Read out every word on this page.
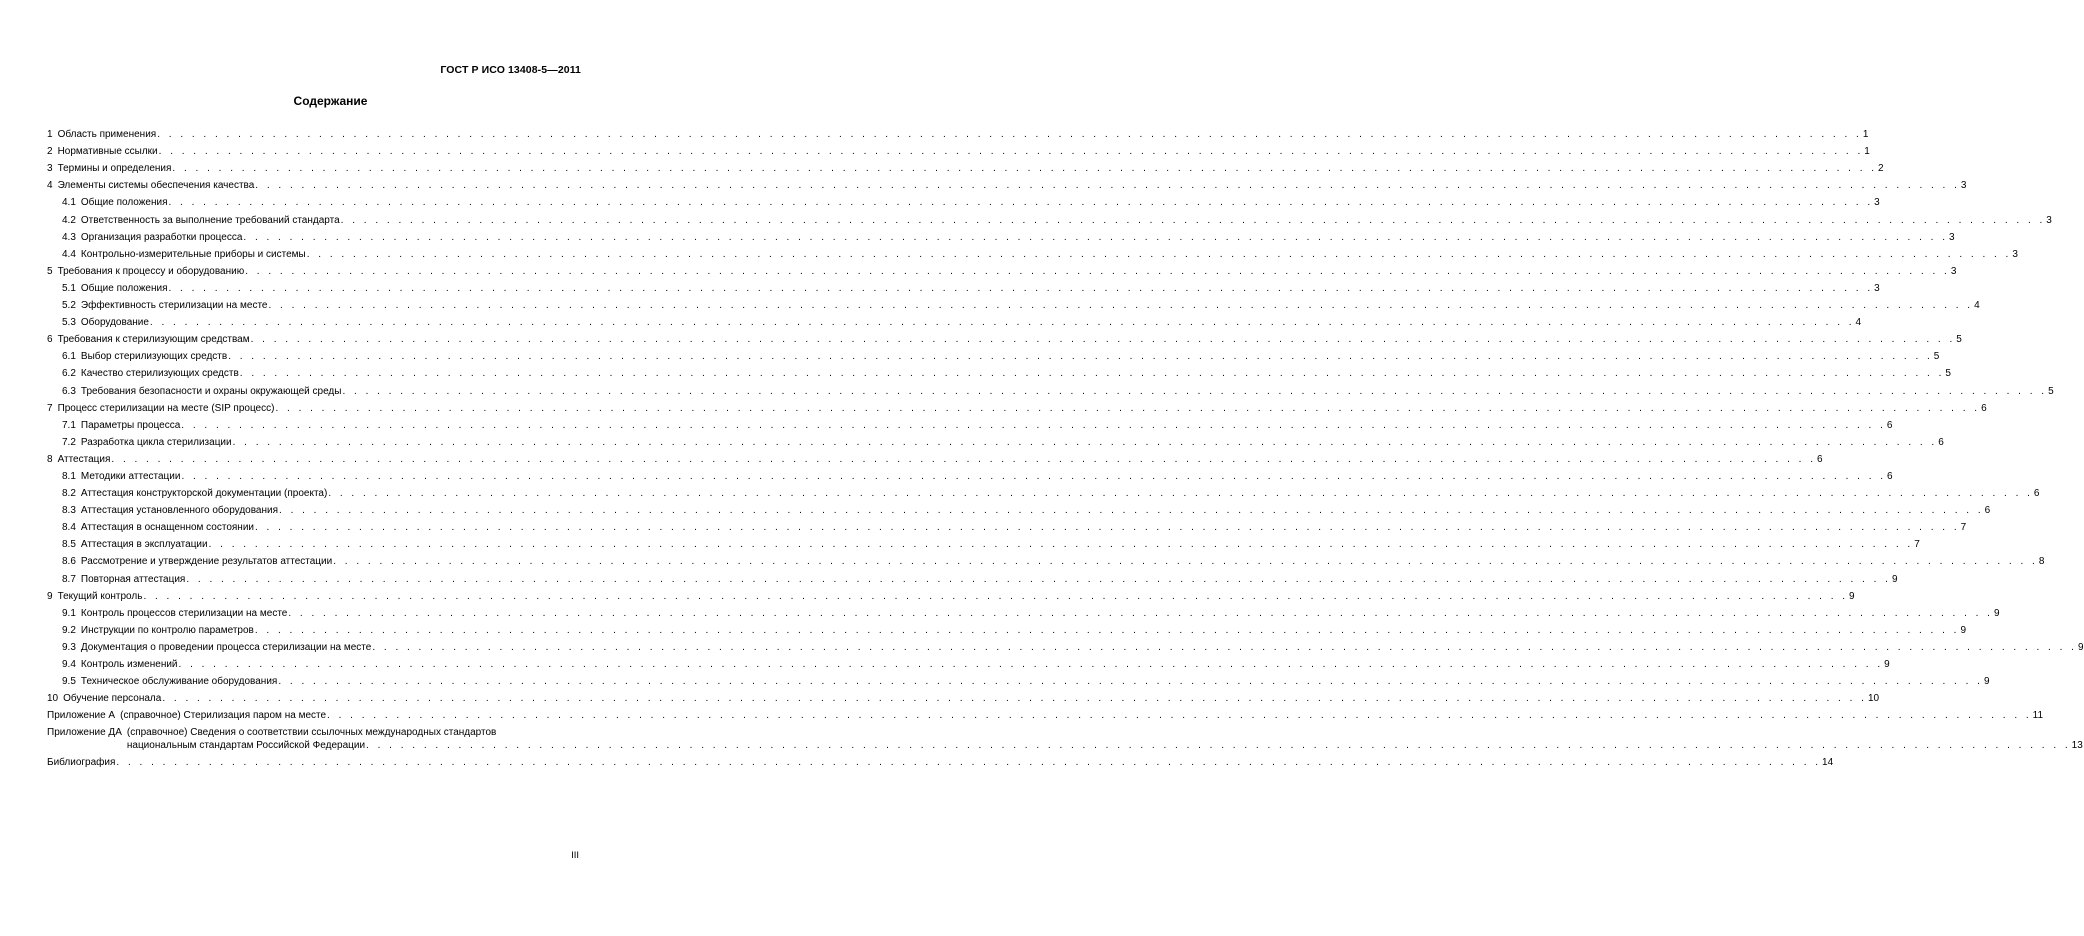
ГОСТ Р ИСО 13408-5—2011
Содержание
1 Область применения . . .	1
2 Нормативные ссылки . . .	1
3 Термины и определения . . .	2
4 Элементы системы обеспечения качества . . .	3
4.1 Общие положения . . .	3
4.2 Ответственность за выполнение требований стандарта . . .	3
4.3 Организация разработки процесса . . .	3
4.4 Контрольно-измерительные приборы и системы . . .	3
5 Требования к процессу и оборудованию . . .	3
5.1 Общие положения . . .	3
5.2 Эффективность стерилизации на месте . . .	4
5.3 Оборудование . . .	4
6 Требования к стерилизующим средствам . . .	5
6.1 Выбор стерилизующих средств . . .	5
6.2 Качество стерилизующих средств . . .	5
6.3 Требования безопасности и охраны окружающей среды . . .	5
7 Процесс стерилизации на месте (SIP процесс) . . .	6
7.1 Параметры процесса . . .	6
7.2 Разработка цикла стерилизации . . .	6
8 Аттестация . . .	6
8.1 Методики аттестации . . .	6
8.2 Аттестация конструкторской документации (проекта) . . .	6
8.3 Аттестация установленного оборудования . . .	6
8.4 Аттестация в оснащенном состоянии . . .	7
8.5 Аттестация в эксплуатации . . .	7
8.6 Рассмотрение и утверждение результатов аттестации . . .	8
8.7 Повторная аттестация . . .	9
9 Текущий контроль . . .	9
9.1 Контроль процессов стерилизации на месте . . .	9
9.2 Инструкции по контролю параметров . . .	9
9.3 Документация о проведении процесса стерилизации на месте . . .	9
9.4 Контроль изменений . . .	9
9.5 Техническое обслуживание оборудования . . .	9
10 Обучение персонала . . .	10
Приложение А (справочное) Стерилизация паром на месте . . .	11
Приложение ДА (справочное) Сведения о соответствии ссылочных международных стандартов
национальным стандартам Российской Федерации . . .	13
Библиография . . .	14
III
